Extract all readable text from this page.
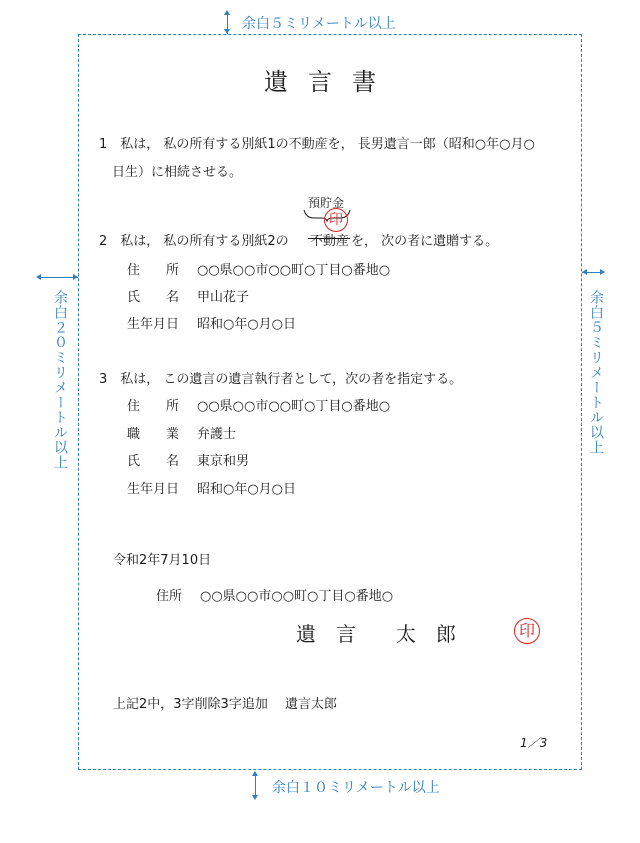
余白５ミリメートル以上
余白２０ミリメートル以上	余白５ミリメートル以上
余白１０ミリメートル以上
遺言書
1　私は， 私の所有する別紙1の不動産を， 長男遺言一郎（昭和○年○月○
日生）に相続させる。
預貯金
印
2　私は， 私の所有する別紙2の 不動産 を， 次の者に遺贈する。
住　　所 ○○県○○市○○町○丁目○番地○
氏　　名 甲山花子
生年月日 昭和○年○月○日
3　私は， この遺言の遺言執行者として，次の者を指定する。
住　　所 ○○県○○市○○町○丁目○番地○
職　　業 弁護士
氏　　名 東京和男
生年月日 昭和○年○月○日
令和2年7月10日
住所 ○○県○○市○○町○丁目○番地○
遺　言　　太　郎	印
上記2中，3字削除3字追加　 遺言太郎
1／3
